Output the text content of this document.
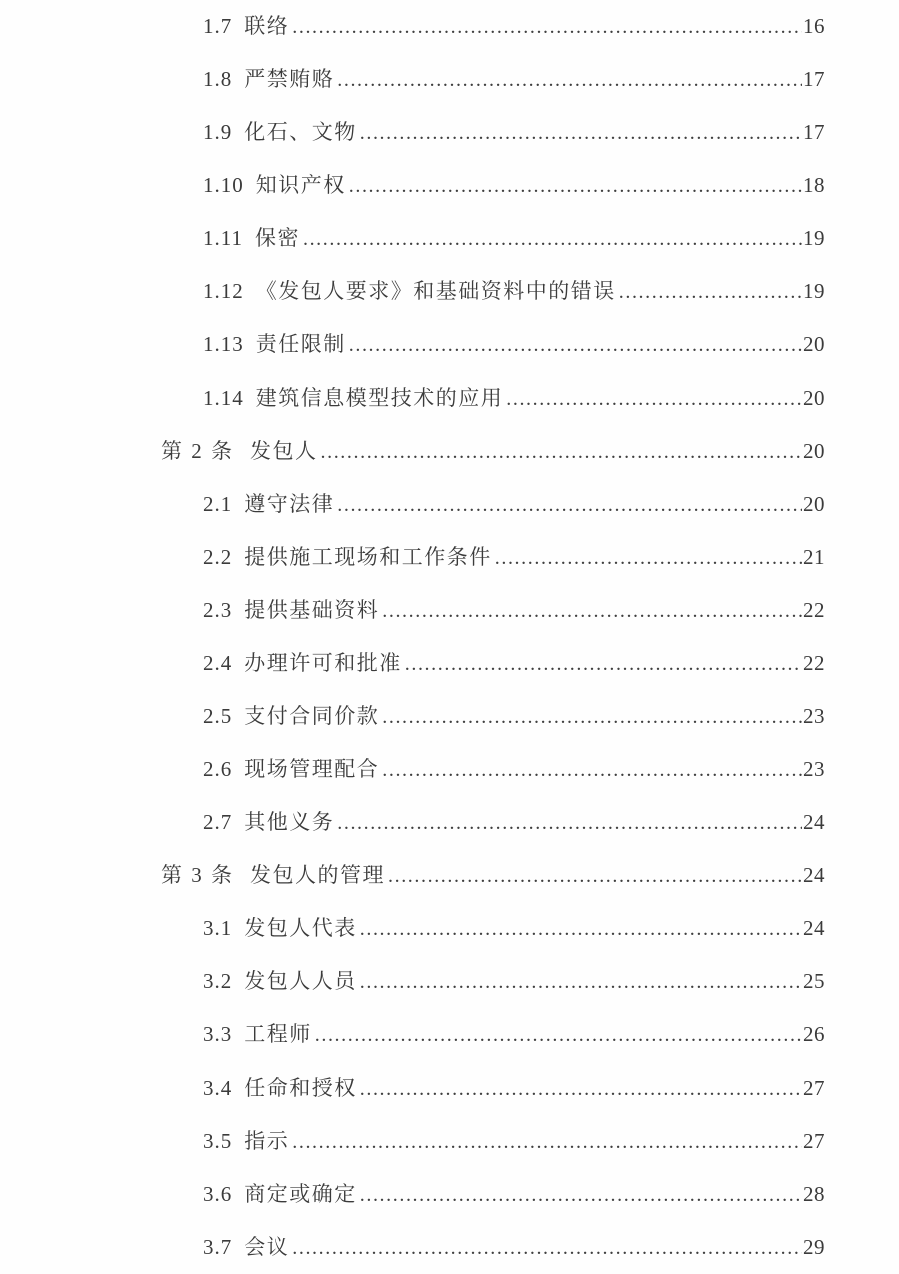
1.7 联络 .....	16
1.8 严禁贿赂 .....	17
1.9 化石、文物 .....	17
1.10 知识产权 .....	18
1.11 保密 .....	19
1.12 《发包人要求》和基础资料中的错误 .....	19
1.13 责任限制 .....	20
1.14 建筑信息模型技术的应用 .....	20
第 2 条 发包人 .....	20
2.1 遵守法律 .....	20
2.2 提供施工现场和工作条件 .....	21
2.3 提供基础资料 .....	22
2.4 办理许可和批准 .....	22
2.5 支付合同价款 .....	23
2.6 现场管理配合 .....	23
2.7 其他义务 .....	24
第 3 条 发包人的管理 .....	24
3.1 发包人代表 .....	24
3.2 发包人人员 .....	25
3.3 工程师 .....	26
3.4 任命和授权 .....	27
3.5 指示 .....	27
3.6 商定或确定 .....	28
3.7 会议 .....	29
